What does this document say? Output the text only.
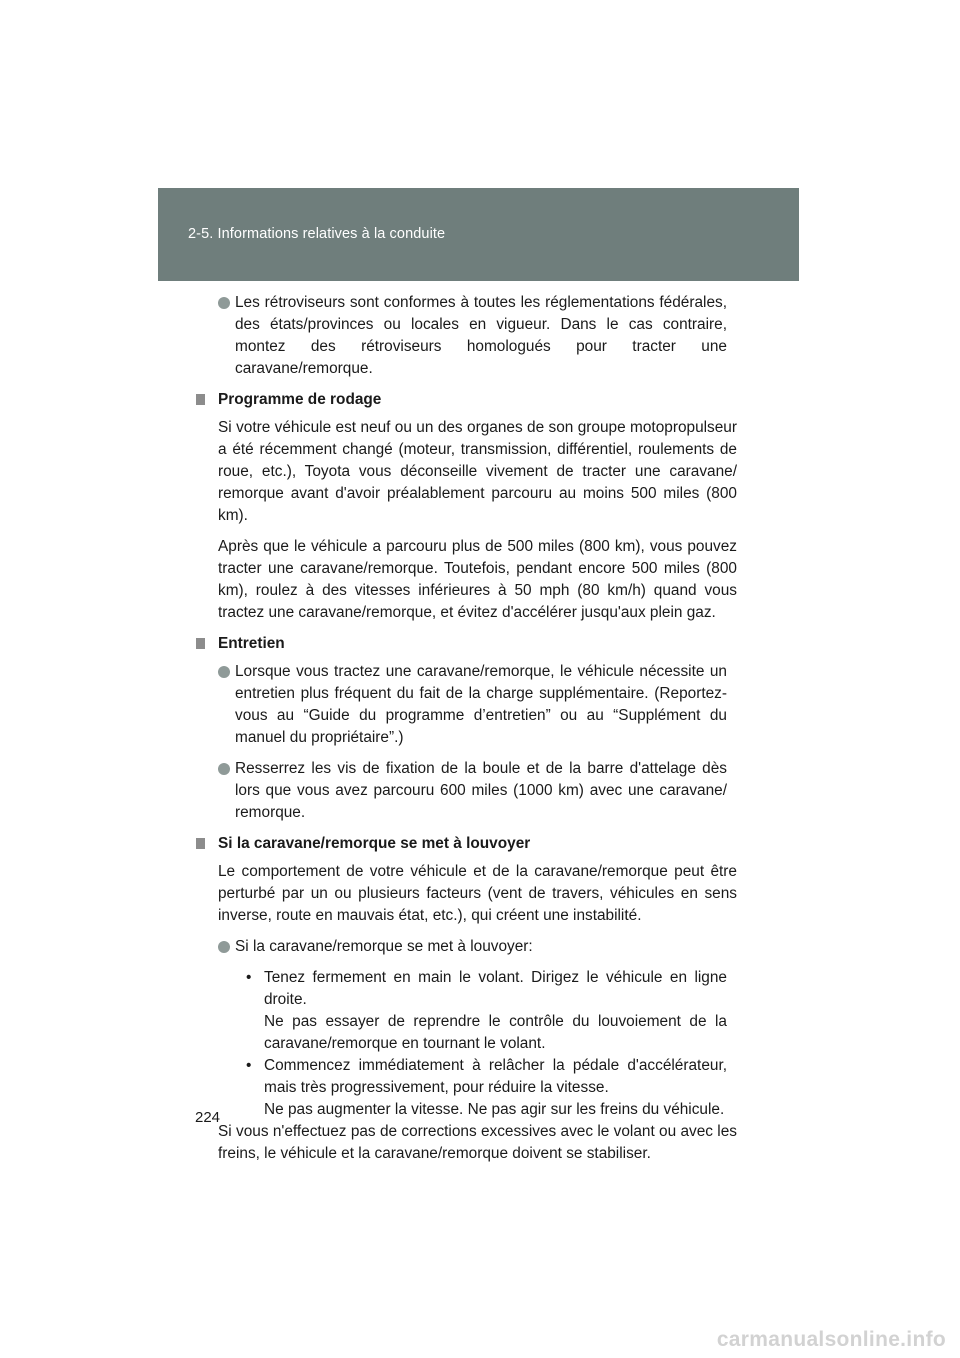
2-5. Informations relatives à la conduite
Les rétroviseurs sont conformes à toutes les réglementations fédérales, des états/provinces ou locales en vigueur. Dans le cas contraire, montez des rétroviseurs homologués pour tracter une caravane/remorque.
Programme de rodage

Si votre véhicule est neuf ou un des organes de son groupe motopropulseur a été récemment changé (moteur, transmission, différentiel, roulements de roue, etc.), Toyota vous déconseille vivement de tracter une caravane/ remorque avant d'avoir préalablement parcouru au moins 500 miles (800 km).

Après que le véhicule a parcouru plus de 500 miles (800 km), vous pouvez tracter une caravane/remorque. Toutefois, pendant encore 500 miles (800 km), roulez à des vitesses inférieures à 50 mph (80 km/h) quand vous tractez une caravane/remorque, et évitez d'accélérer jusqu'aux plein gaz.

Entretien
Lorsque vous tractez une caravane/remorque, le véhicule nécessite un entretien plus fréquent du fait de la charge supplémentaire. (Reportez-vous au “Guide du programme d’entretien” ou au “Supplément du manuel du propriétaire”.)
Resserrez les vis de fixation de la boule et de la barre d'attelage dès lors que vous avez parcouru 600 miles (1000 km) avec une caravane/ remorque.
Si la caravane/remorque se met à louvoyer

Le comportement de votre véhicule et de la caravane/remorque peut être perturbé par un ou plusieurs facteurs (vent de travers, véhicules en sens inverse, route en mauvais état, etc.), qui créent une instabilité.

Si la caravane/remorque se met à louvoyer:
• Tenez fermement en main le volant. Dirigez le véhicule en ligne droite.
Ne pas essayer de reprendre le contrôle du louvoiement de la caravane/remorque en tournant le volant.
• Commencez immédiatement à relâcher la pédale d'accélérateur, mais très progressivement, pour réduire la vitesse.
Ne pas augmenter la vitesse. Ne pas agir sur les freins du véhicule.

Si vous n'effectuez pas de corrections excessives avec le volant ou avec les freins, le véhicule et la caravane/remorque doivent se stabiliser.

224
carmanualsonline.info
